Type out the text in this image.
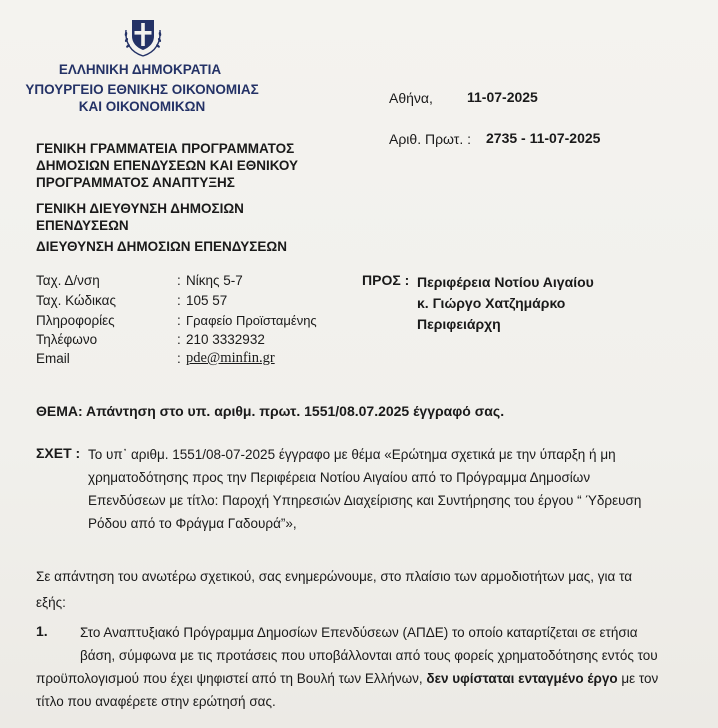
ΕΛΛΗΝΙΚΗ ΔΗΜΟΚΡΑΤΙΑ
ΥΠΟΥΡΓΕΙΟ ΕΘΝΙΚΗΣ ΟΙΚΟΝΟΜΙΑΣ
ΚΑΙ ΟΙΚΟΝΟΜΙΚΩΝ
Αθήνα, 11-07-2025
Αριθ. Πρωτ. : 2735 - 11-07-2025
ΓΕΝΙΚΗ ΓΡΑΜΜΑΤΕΙΑ ΠΡΟΓΡΑΜΜΑΤΟΣ
ΔΗΜΟΣΙΩΝ ΕΠΕΝΔΥΣΕΩΝ ΚΑΙ ΕΘΝΙΚΟΥ
ΠΡΟΓΡΑΜΜΑΤΟΣ ΑΝΑΠΤΥΞΗΣ
ΓΕΝΙΚΗ ΔΙΕΥΘΥΝΣΗ ΔΗΜΟΣΙΩΝ
ΕΠΕΝΔΥΣΕΩΝ
ΔΙΕΥΘΥΝΣΗ ΔΗΜΟΣΙΩΝ ΕΠΕΝΔΥΣΕΩΝ
Ταχ. Δ/νση	: Νίκης 5-7
Ταχ. Κώδικας	: 105 57
Πληροφορίες	: Γραφείο Προϊσταμένης
Τηλέφωνο	: 210 3332932
Email	: pde@minfin.gr
ΠΡΟΣ : Περιφέρεια Νοτίου Αιγαίου
κ. Γιώργο Χατζημάρκο
Περιφειάρχη
ΘΕΜΑ: Απάντηση στο υπ. αριθμ. πρωτ. 1551/08.07.2025 έγγραφό σας.
ΣΧΕΤ : Το υπ᾽ αριθμ. 1551/08-07-2025 έγγραφο με θέμα «Ερώτημα σχετικά με την ύπαρξη ή μη
χρηματοδότησης προς την Περιφέρεια Νοτίου Αιγαίου από το Πρόγραμμα Δημοσίων
Επενδύσεων με τίτλο: Παροχή Υπηρεσιών Διαχείρισης και Συντήρησης του έργου “ Ύδρευση
Ρόδου από το Φράγμα Γαδουρά”»,
Σε απάντηση του ανωτέρω σχετικού, σας ενημερώνουμε, στο πλαίσιο των αρμοδιοτήτων μας, για τα
εξής:
1. Στο Αναπτυξιακό Πρόγραμμα Δημοσίων Επενδύσεων (ΑΠΔΕ) το οποίο καταρτίζεται σε ετήσια
βάση, σύμφωνα με τις προτάσεις που υποβάλλονται από τους φορείς χρηματοδότησης εντός του
προϋπολογισμού που έχει ψηφιστεί από τη Βουλή των Ελλήνων, δεν υφίσταται ενταγμένο έργο με τον
τίτλο που αναφέρετε στην ερώτησή σας.
